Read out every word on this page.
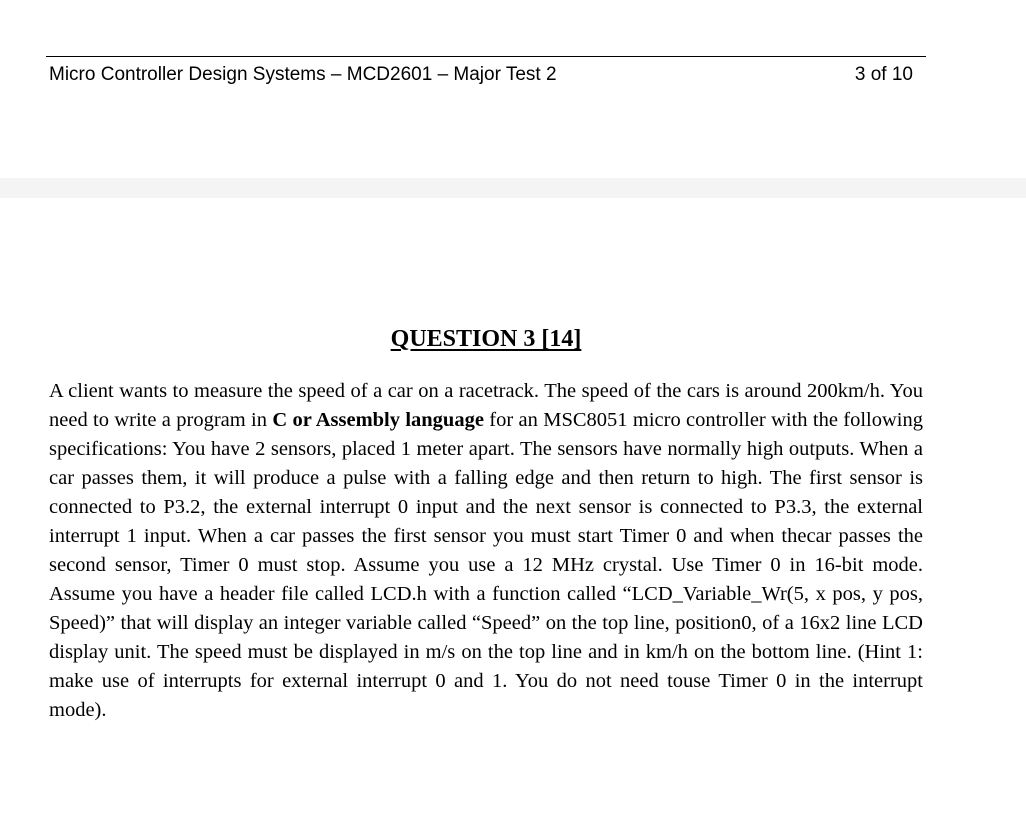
Micro Controller Design Systems – MCD2601 – Major Test 2	3 of 10
QUESTION 3 [14]

A client wants to measure the speed of a car on a racetrack. The speed of the cars is around 200km/h. You need to write a program in C or Assembly language for an MSC8051 micro controller with the following specifications: You have 2 sensors, placed 1 meter apart. The sensors have normally high outputs. When a car passes them, it will produce a pulse with a falling edge and then return to high. The first sensor is connected to P3.2, the external interrupt 0 input and the next sensor is connected to P3.3, the external interrupt 1 input. When a car passes the first sensor you must start Timer 0 and when thecar passes the second sensor, Timer 0 must stop. Assume you use a 12 MHz crystal. Use Timer 0 in 16-bit mode. Assume you have a header file called LCD.h with a function called “LCD_Variable_Wr(5, x pos, y pos, Speed)” that will display an integer variable called “Speed” on the top line, position0, of a 16x2 line LCD display unit. The speed must be displayed in m/s on the top line and in km/h on the bottom line. (Hint 1: make use of interrupts for external interrupt 0 and 1. You do not need touse Timer 0 in the interrupt mode).
